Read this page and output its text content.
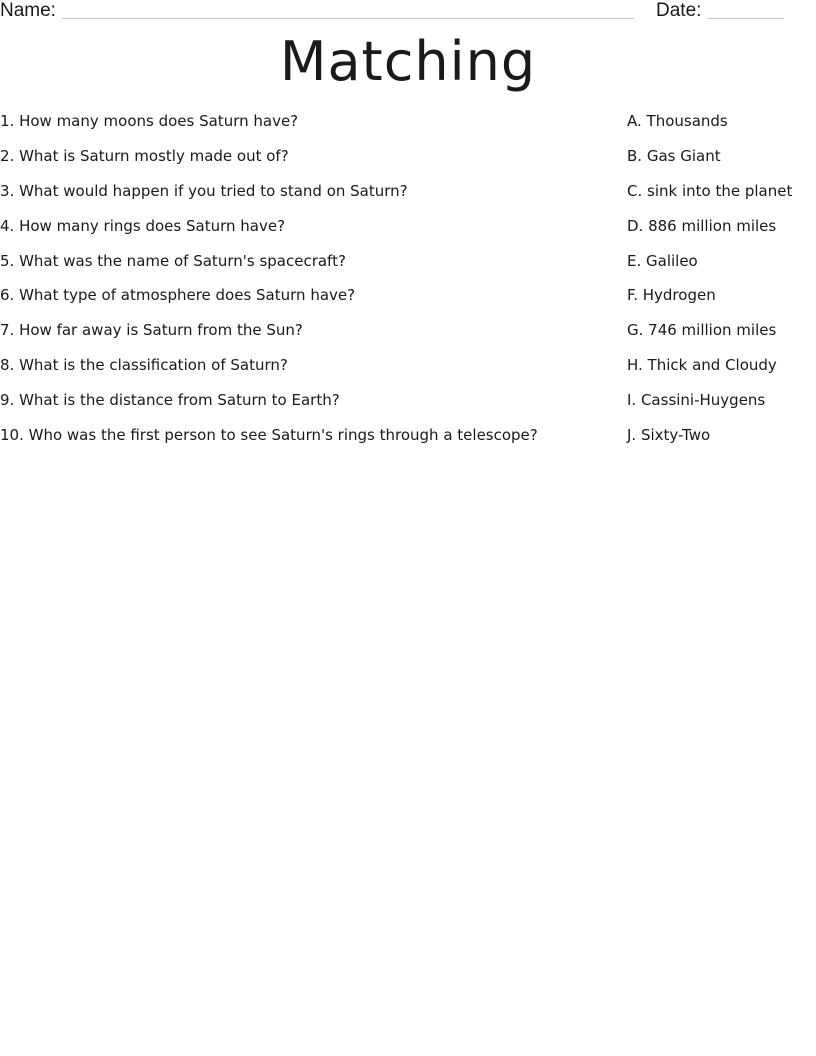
Name:	Date:
Matching
1. How many moons does Saturn have?
2. What is Saturn mostly made out of?
3. What would happen if you tried to stand on Saturn?
4. How many rings does Saturn have?
5. What was the name of Saturn's spacecraft?
6. What type of atmosphere does Saturn have?
7. How far away is Saturn from the Sun?
8. What is the classification of Saturn?
9. What is the distance from Saturn to Earth?
10. Who was the first person to see Saturn's rings through a telescope?
A. Thousands
B. Gas Giant
C. sink into the planet
D. 886 million miles
E. Galileo
F. Hydrogen
G. 746 million miles
H. Thick and Cloudy
I. Cassini-Huygens
J. Sixty-Two
